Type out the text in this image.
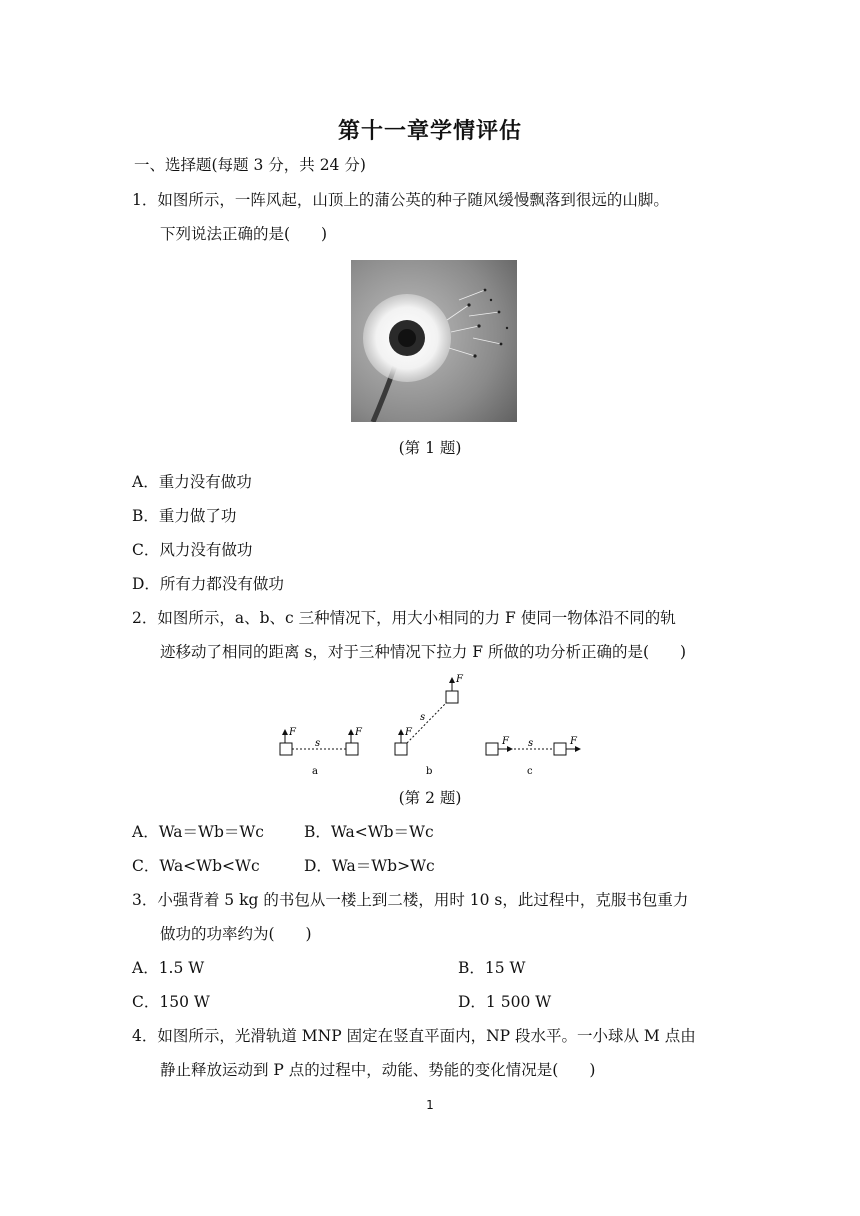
第十一章学情评估
一、选择题(每题 3 分，共 24 分)
1．如图所示，一阵风起，山顶上的蒲公英的种子随风缓慢飘落到很远的山脚。
下列说法正确的是(　　)
(第 1 题)
A．重力没有做功
B．重力做了功
C．风力没有做功
D．所有力都没有做功
2．如图所示，a、b、c 三种情况下，用大小相同的力 F 使同一物体沿不同的轨
迹移动了相同的距离 s，对于三种情况下拉力 F 所做的功分析正确的是(　　)
F	F
s
a
F
F
s
b
F	F
s
c
(第 2 题)
A．Wa＝Wb＝Wc	B．Wa<Wb＝Wc
C．Wa<Wb<Wc	D．Wa＝Wb>Wc
3．小强背着 5 kg 的书包从一楼上到二楼，用时 10 s，此过程中，克服书包重力
做功的功率约为(　　)
A．1.5 W	B．15 W
C．150 W	D．1 500 W
4．如图所示，光滑轨道 MNP 固定在竖直平面内，NP 段水平。一小球从 M 点由
静止释放运动到 P 点的过程中，动能、势能的变化情况是(　　)
1
